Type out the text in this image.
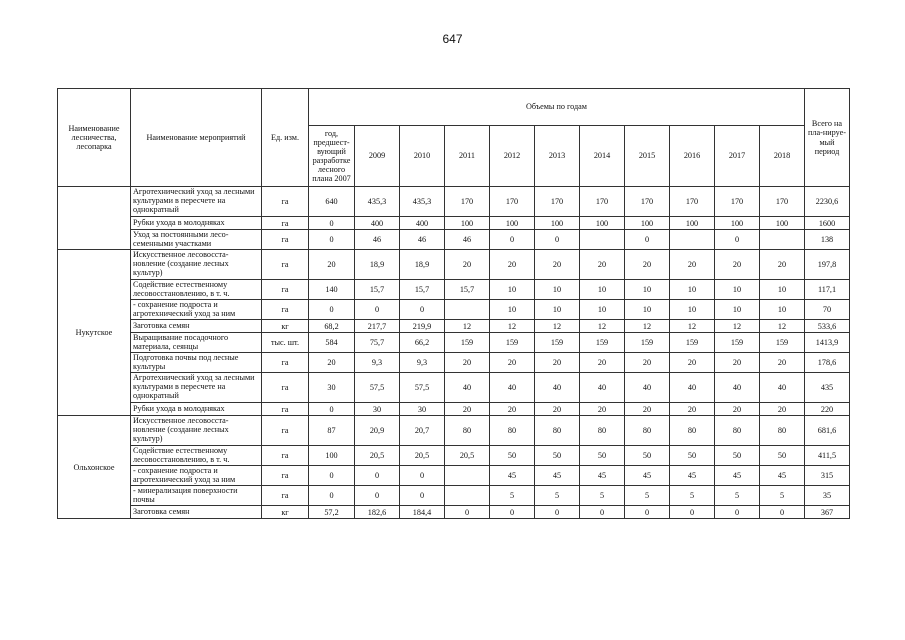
647
Наименование лесничества, лесопарка	Наименование мероприятий	Ед. изм.	Объемы по годам											Всего на пла-нируе-мый период
			год, предшест-вующий разработке лесного плана 2007	2009	2010	2011	2012	2013	2014	2015	2016	2017	2018	
	Агротехнический уход за лесными культурами в пересчете на однократный	га	640	435,3	435,3	170	170	170	170	170	170	170	170	2230,6
	Рубки ухода в молодняках	га	0	400	400	100	100	100	100	100	100	100	100	1600
	Уход за постоянными лесо-семенными участками	га	0	46	46	46	0	0		0		0		138
Нукутское	Искусственное лесовосста-новление (создание лесных культур)	га	20	18,9	18,9	20	20	20	20	20	20	20	20	197,8
	Содействие естественному лесовосстановлению, в т. ч.	га	140	15,7	15,7	15,7	10	10	10	10	10	10	10	117,1
	- сохранение подроста и агротехнический уход за ним	га	0	0	0		10	10	10	10	10	10	10	70
	Заготовка семян	кг	68,2	217,7	219,9	12	12	12	12	12	12	12	12	533,6
	Выращивание посадочного материала, сеянцы	тыс. шт.	584	75,7	66,2	159	159	159	159	159	159	159	159	1413,9
	Подготовка почвы под лесные культуры	га	20	9,3	9,3	20	20	20	20	20	20	20	20	178,6
	Агротехнический уход за лесными культурами в пересчете на однократный	га	30	57,5	57,5	40	40	40	40	40	40	40	40	435
	Рубки ухода в молодняках	га	0	30	30	20	20	20	20	20	20	20	20	220
Ольхонское	Искусственное лесовосста-новление (создание лесных культур)	га	87	20,9	20,7	80	80	80	80	80	80	80	80	681,6
	Содействие естественному лесовосстановлению, в т. ч.	га	100	20,5	20,5	20,5	50	50	50	50	50	50	50	411,5
	- сохранение подроста и агротехнический уход за ним	га	0	0	0		45	45	45	45	45	45	45	315
	- минерализация поверхности почвы	га	0	0	0		5	5	5	5	5	5	5	35
	Заготовка семян	кг	57,2	182,6	184,4	0	0	0	0	0	0	0	0	367
